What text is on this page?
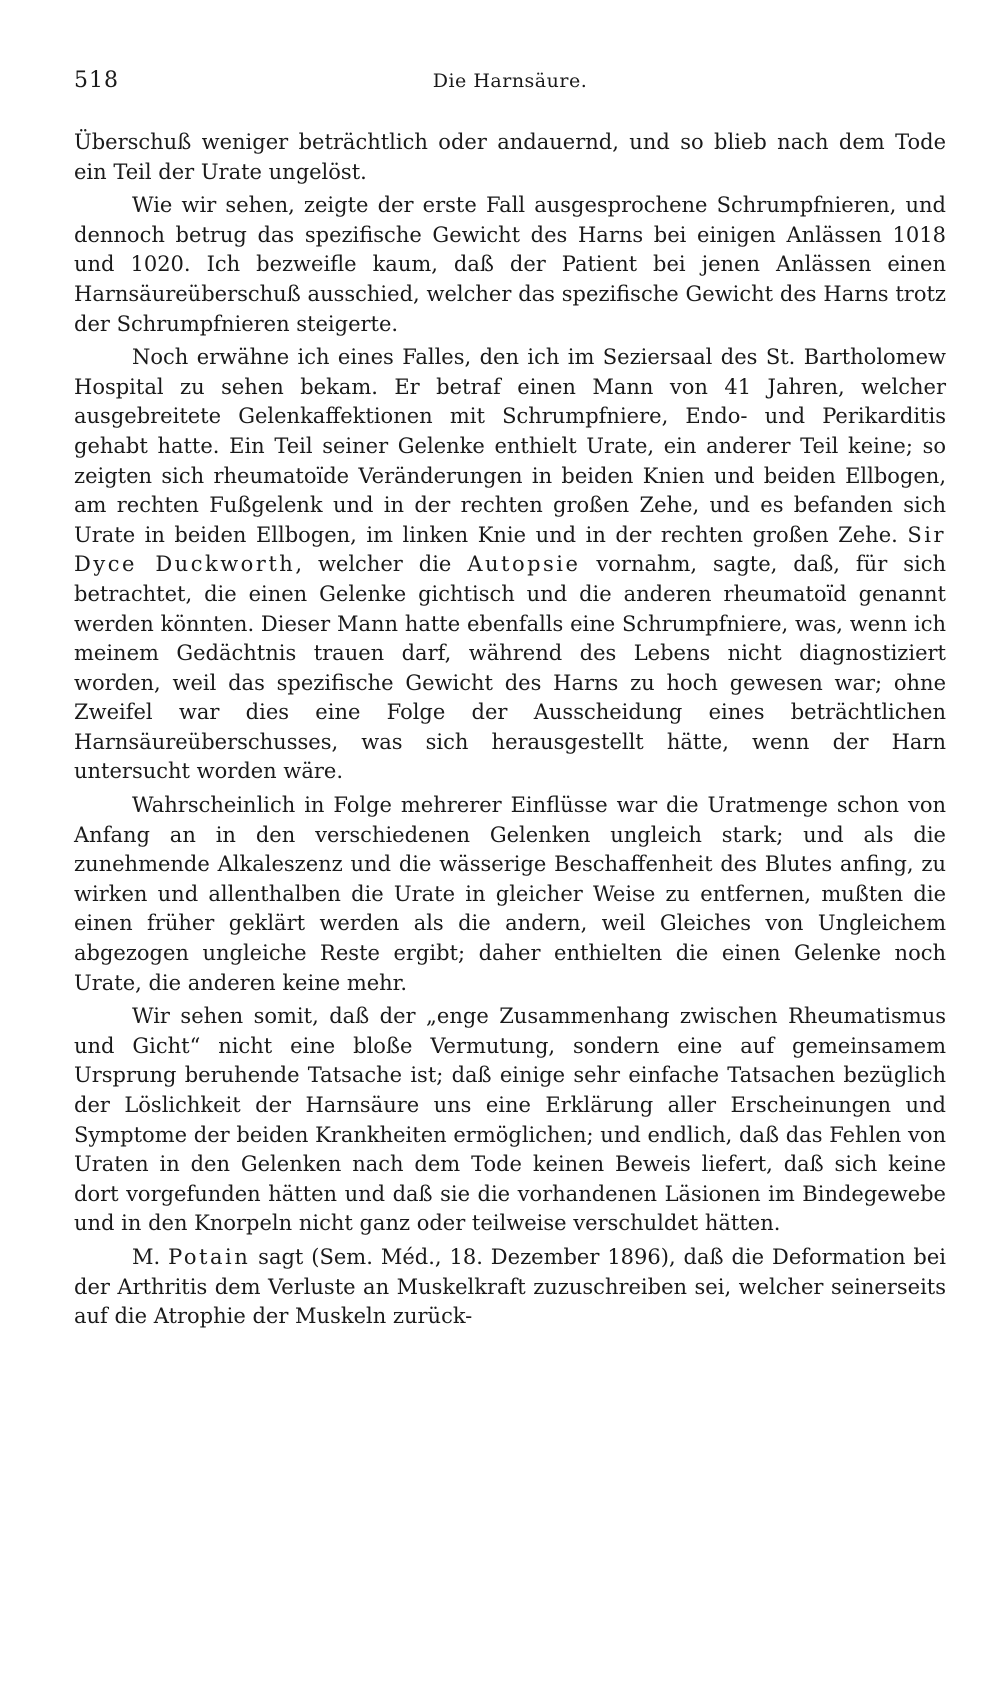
518	Die Harnsäure.

Überschuß weniger beträchtlich oder andauernd, und so blieb nach dem Tode ein Teil der Urate ungelöst.

Wie wir sehen, zeigte der erste Fall ausgesprochene Schrumpfnieren, und dennoch betrug das spezifische Gewicht des Harns bei einigen Anlässen 1018 und 1020. Ich bezweifle kaum, daß der Patient bei jenen Anlässen einen Harnsäureüberschuß ausschied, welcher das spezifische Gewicht des Harns trotz der Schrumpfnieren steigerte.

Noch erwähne ich eines Falles, den ich im Seziersaal des St. Bartholomew Hospital zu sehen bekam. Er betraf einen Mann von 41 Jahren, welcher ausgebreitete Gelenkaffektionen mit Schrumpfniere, Endo- und Perikarditis gehabt hatte. Ein Teil seiner Gelenke enthielt Urate, ein anderer Teil keine; so zeigten sich rheumatoïde Veränderungen in beiden Knien und beiden Ellbogen, am rechten Fußgelenk und in der rechten großen Zehe, und es befanden sich Urate in beiden Ellbogen, im linken Knie und in der rechten großen Zehe. Sir Dyce Duckworth, welcher die Autopsie vornahm, sagte, daß, für sich betrachtet, die einen Gelenke gichtisch und die anderen rheumatoïd genannt werden könnten. Dieser Mann hatte ebenfalls eine Schrumpfniere, was, wenn ich meinem Gedächtnis trauen darf, während des Lebens nicht diagnostiziert worden, weil das spezifische Gewicht des Harns zu hoch gewesen war; ohne Zweifel war dies eine Folge der Ausscheidung eines beträchtlichen Harnsäureüberschusses, was sich herausgestellt hätte, wenn der Harn untersucht worden wäre.

Wahrscheinlich in Folge mehrerer Einflüsse war die Uratmenge schon von Anfang an in den verschiedenen Gelenken ungleich stark; und als die zunehmende Alkaleszenz und die wässerige Beschaffenheit des Blutes anfing, zu wirken und allenthalben die Urate in gleicher Weise zu entfernen, mußten die einen früher geklärt werden als die andern, weil Gleiches von Ungleichem abgezogen ungleiche Reste ergibt; daher enthielten die einen Gelenke noch Urate, die anderen keine mehr.

Wir sehen somit, daß der „enge Zusammenhang zwischen Rheumatismus und Gicht“ nicht eine bloße Vermutung, sondern eine auf gemeinsamem Ursprung beruhende Tatsache ist; daß einige sehr einfache Tatsachen bezüglich der Löslichkeit der Harnsäure uns eine Erklärung aller Erscheinungen und Symptome der beiden Krankheiten ermöglichen; und endlich, daß das Fehlen von Uraten in den Gelenken nach dem Tode keinen Beweis liefert, daß sich keine dort vorgefunden hätten und daß sie die vorhandenen Läsionen im Bindegewebe und in den Knorpeln nicht ganz oder teilweise verschuldet hätten.

M. Potain sagt (Sem. Méd., 18. Dezember 1896), daß die Deformation bei der Arthritis dem Verluste an Muskelkraft zuzuschreiben sei, welcher seinerseits auf die Atrophie der Muskeln zurück-
